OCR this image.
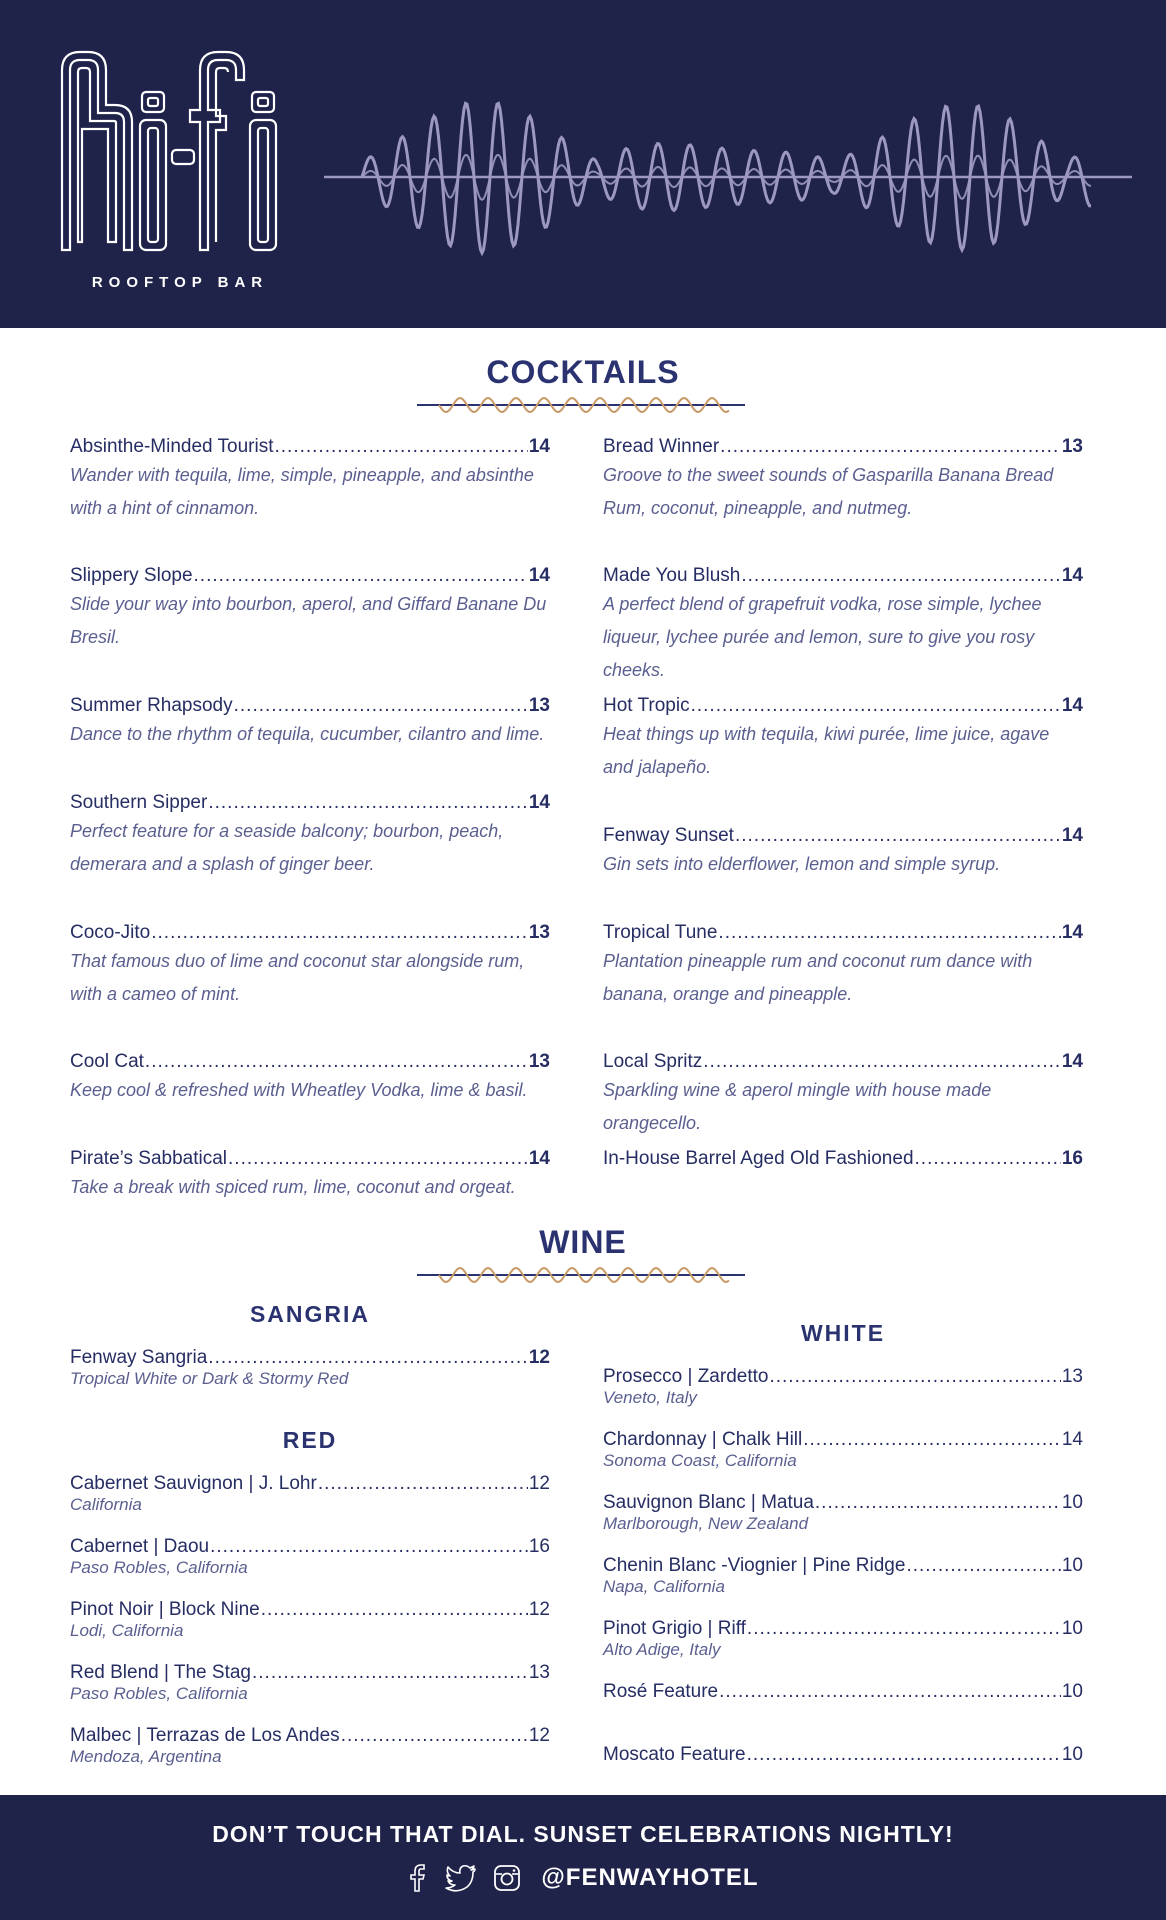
ROOFTOP BAR
COCKTAILS
Absinthe-Minded Tourist .....	14
Wander with tequila, lime, simple, pineapple, and absinthe with a hint of cinnamon.
Slippery Slope .....	14
Slide your way into bourbon, aperol, and Giffard Banane Du Bresil.
Summer Rhapsody .....	13
Dance to the rhythm of tequila, cucumber, cilantro and lime.
Southern Sipper .....	14
Perfect feature for a seaside balcony; bourbon, peach, demerara and a splash of ginger beer.
Coco-Jito .....	13
That famous duo of lime and coconut star alongside rum, with a cameo of mint.
Cool Cat .....	13
Keep cool & refreshed with Wheatley Vodka, lime & basil.
Pirate’s Sabbatical .....	14
Take a break with spiced rum, lime, coconut and orgeat.
Bread Winner .....	13
Groove to the sweet sounds of Gasparilla Banana Bread Rum, coconut, pineapple, and nutmeg.
Made You Blush .....	14
A perfect blend of grapefruit vodka, rose simple, lychee liqueur, lychee purée and lemon, sure to give you rosy cheeks.
Hot Tropic .....	14
Heat things up with tequila, kiwi purée, lime juice, agave and jalapeño.
Fenway Sunset .....	14
Gin sets into elderflower, lemon and simple syrup.
Tropical Tune .....	14
Plantation pineapple rum and coconut rum dance with banana, orange and pineapple.
Local Spritz .....	14
Sparkling wine & aperol mingle with house made orangecello.
In-House Barrel Aged Old Fashioned .....	16
WINE
SANGRIA
Fenway Sangria .....	12
Tropical White or Dark & Stormy Red
RED
Cabernet Sauvignon | J. Lohr .....	12
California
Cabernet | Daou .....	16
Paso Robles, California
Pinot Noir | Block Nine .....	12
Lodi, California
Red Blend | The Stag .....	13
Paso Robles, California
Malbec | Terrazas de Los Andes .....	12
Mendoza, Argentina
WHITE
Prosecco | Zardetto .....	13
Veneto, Italy
Chardonnay | Chalk Hill .....	14
Sonoma Coast, California
Sauvignon Blanc | Matua .....	10
Marlborough, New Zealand
Chenin Blanc -Viognier | Pine Ridge .....	10
Napa, California
Pinot Grigio | Riff .....	10
Alto Adige, Italy
Rosé Feature .....	10
Moscato Feature .....	10
DON’T TOUCH THAT DIAL. SUNSET CELEBRATIONS NIGHTLY!
@FENWAYHOTEL
